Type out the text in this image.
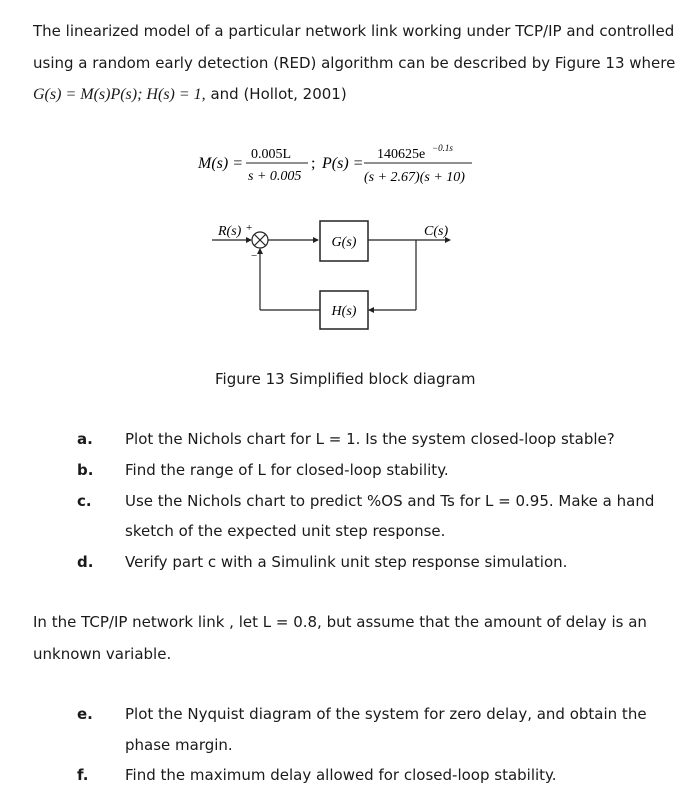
The linearized model of a particular network link working under TCP/IP and controlled
using a random early detection (RED) algorithm can be described by Figure 13 where
G(s) = M(s)P(s); H(s) = 1, and (Hollot, 2001)
M(s) =
0.005L
s + 0.005
; P(s) =
140625e −0.1s
(s + 2.67)(s + 10)
R(s) +
−
G(s)
C(s)
H(s)
Figure 13 Simplified block diagram
a. Plot the Nichols chart for L = 1. Is the system closed-loop stable?
b. Find the range of L for closed-loop stability.
c. Use the Nichols chart to predict %OS and Ts for L = 0.95. Make a hand
sketch of the expected unit step response.
d. Verify part c with a Simulink unit step response simulation.
In the TCP/IP network link , let L = 0.8, but assume that the amount of delay is an
unknown variable.
e. Plot the Nyquist diagram of the system for zero delay, and obtain the
phase margin.
f. Find the maximum delay allowed for closed-loop stability.
